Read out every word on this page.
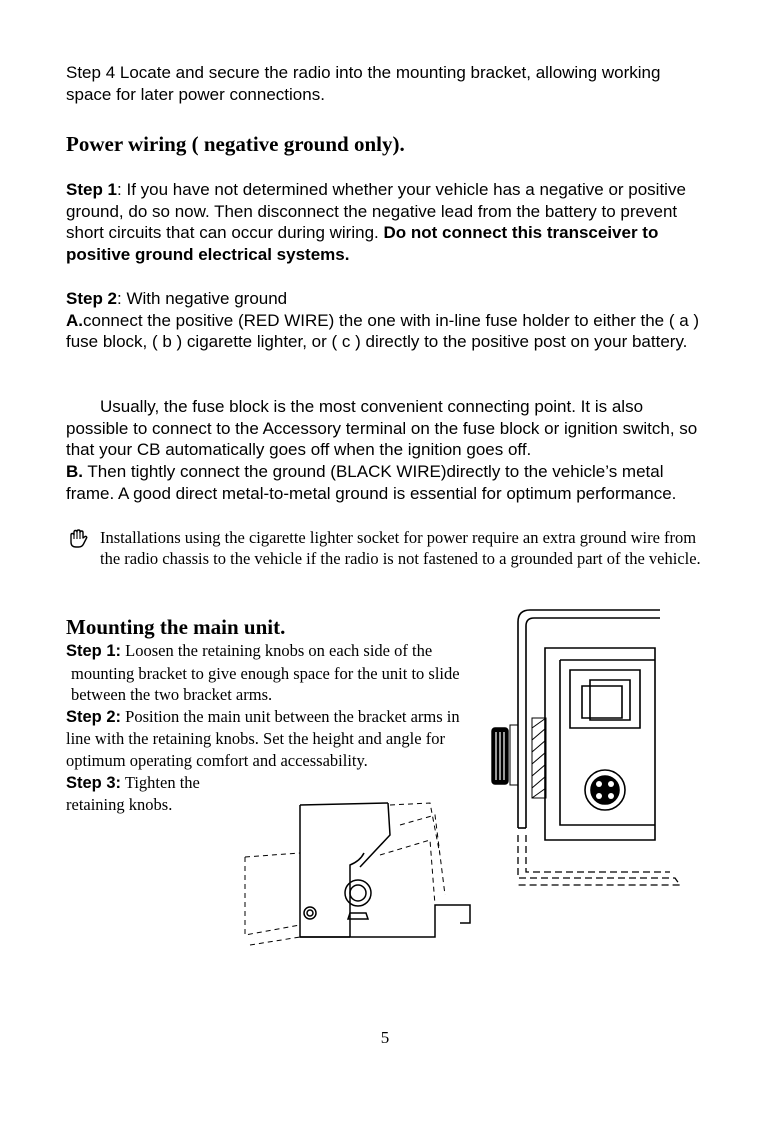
Step 4 Locate and secure the radio into the mounting bracket, allowing working space for later power connections.
Power wiring ( negative ground only).
Step 1: If you have not determined whether your vehicle has a negative or positive ground, do so now. Then disconnect the negative lead from the battery to prevent short circuits that can occur during wiring. Do not connect this transceiver to positive ground electrical systems.
Step 2: With negative ground
A.connect the positive (RED WIRE) the one with in-line fuse holder to either the ( a ) fuse block, ( b ) cigarette lighter, or ( c ) directly to the positive post on your battery.
Usually, the fuse block is the most convenient connecting point. It is also possible to connect to the Accessory terminal on the fuse block or ignition switch, so that your CB automatically goes off when the ignition goes off.
B. Then tightly connect the ground (BLACK WIRE)directly to the vehicle’s metal frame. A good direct metal-to-metal ground is essential for optimum performance.
Installations using the cigarette lighter socket for power require an extra ground wire from the radio chassis to the vehicle if the radio is not fastened to a grounded part of the vehicle.
Mounting the main unit.
Step 1: Loosen the retaining knobs on each side of the mounting bracket to give enough space for the unit to slide between the two bracket arms.
Step 2: Position the main unit between the bracket arms in line with the retaining knobs. Set the height and angle for optimum operating comfort and accessability.
Step 3: Tighten the retaining knobs.
5
